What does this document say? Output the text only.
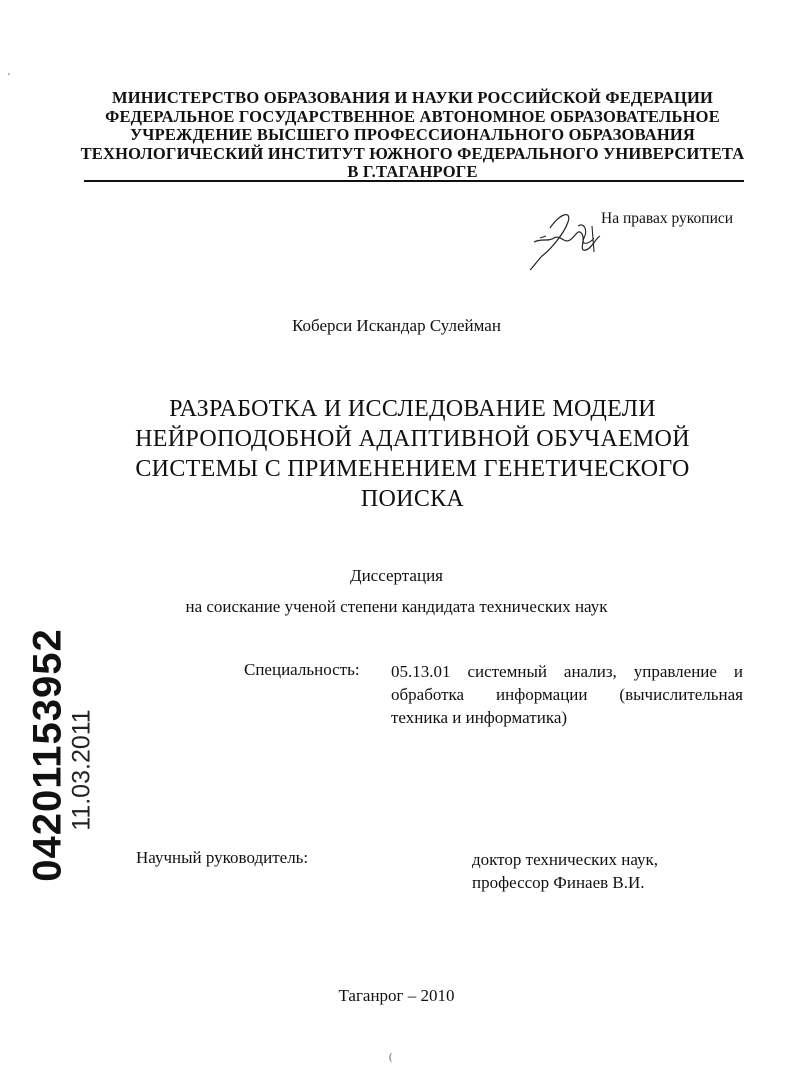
'
МИНИСТЕРСТВО ОБРАЗОВАНИЯ И НАУКИ РОССИЙСКОЙ ФЕДЕРАЦИИ
ФЕДЕРАЛЬНОЕ ГОСУДАРСТВЕННОЕ АВТОНОМНОЕ ОБРАЗОВАТЕЛЬНОЕ
УЧРЕЖДЕНИЕ ВЫСШЕГО ПРОФЕССИОНАЛЬНОГО ОБРАЗОВАНИЯ
ТЕХНОЛОГИЧЕСКИЙ ИНСТИТУТ ЮЖНОГО ФЕДЕРАЛЬНОГО УНИВЕРСИТЕТА
В Г.ТАГАНРОГЕ
На правах рукописи
Коберси Искандар Сулейман
РАЗРАБОТКА И ИССЛЕДОВАНИЕ МОДЕЛИ
НЕЙРОПОДОБНОЙ АДАПТИВНОЙ ОБУЧАЕМОЙ
СИСТЕМЫ С ПРИМЕНЕНИЕМ ГЕНЕТИЧЕСКОГО
ПОИСКА
Диссертация
на соискание ученой степени кандидата технических наук
Специальность: 05.13.01 системный анализ, управление и
обработка информации (вычислительная
техника и информатика)
Научный руководитель:	доктор технических наук,
профессор Финаев В.И.
Таганрог – 2010
(
04201153952
11.03.2011
